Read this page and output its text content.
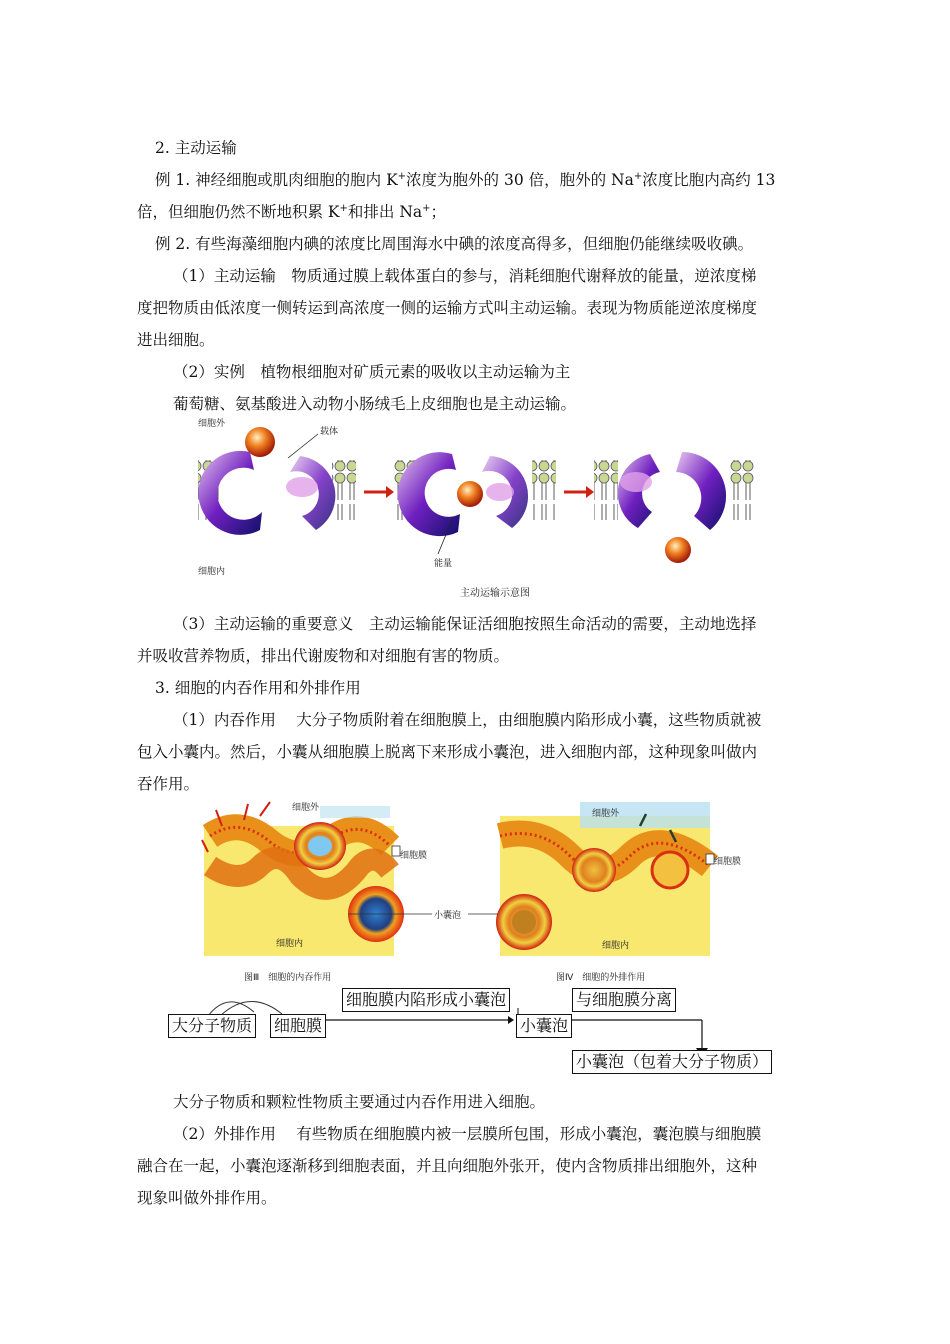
2. 主动运输
例 1. 神经细胞或肌肉细胞的胞内 K+浓度为胞外的 30 倍，胞外的 Na+浓度比胞内高约 13
倍，但细胞仍然不断地积累 K+和排出 Na+；
例 2. 有些海藻细胞内碘的浓度比周围海水中碘的浓度高得多，但细胞仍能继续吸收碘。
（1）主动运输　物质通过膜上载体蛋白的参与，消耗细胞代谢释放的能量，逆浓度梯
度把物质由低浓度一侧转运到高浓度一侧的运输方式叫主动运输。表现为物质能逆浓度梯度
进出细胞。
（2）实例　植物根细胞对矿质元素的吸收以主动运输为主
葡萄糖、氨基酸进入动物小肠绒毛上皮细胞也是主动运输。
细胞外
载体
细胞内
能量
主动运输示意图
（3）主动运输的重要意义　主动运输能保证活细胞按照生命活动的需要，主动地选择
并吸收营养物质，排出代谢废物和对细胞有害的物质。
3. 细胞的内吞作用和外排作用
（1）内吞作用　 大分子物质附着在细胞膜上，由细胞膜内陷形成小囊，这些物质就被
包入小囊内。然后，小囊从细胞膜上脱离下来形成小囊泡，进入细胞内部，这种现象叫做内
吞作用。
细胞外
细胞膜
小囊泡
细胞内
图Ⅲ　细胞的内吞作用
细胞外
细胞膜
细胞内
图Ⅳ　细胞的外排作用
大分子物质 细胞膜
细胞膜内陷形成小囊泡	与细胞膜分离
小囊泡
小囊泡（包着大分子物质）
大分子物质和颗粒性物质主要通过内吞作用进入细胞。
（2）外排作用　 有些物质在细胞膜内被一层膜所包围，形成小囊泡，囊泡膜与细胞膜
融合在一起，小囊泡逐渐移到细胞表面，并且向细胞外张开，使内含物质排出细胞外，这种
现象叫做外排作用。
